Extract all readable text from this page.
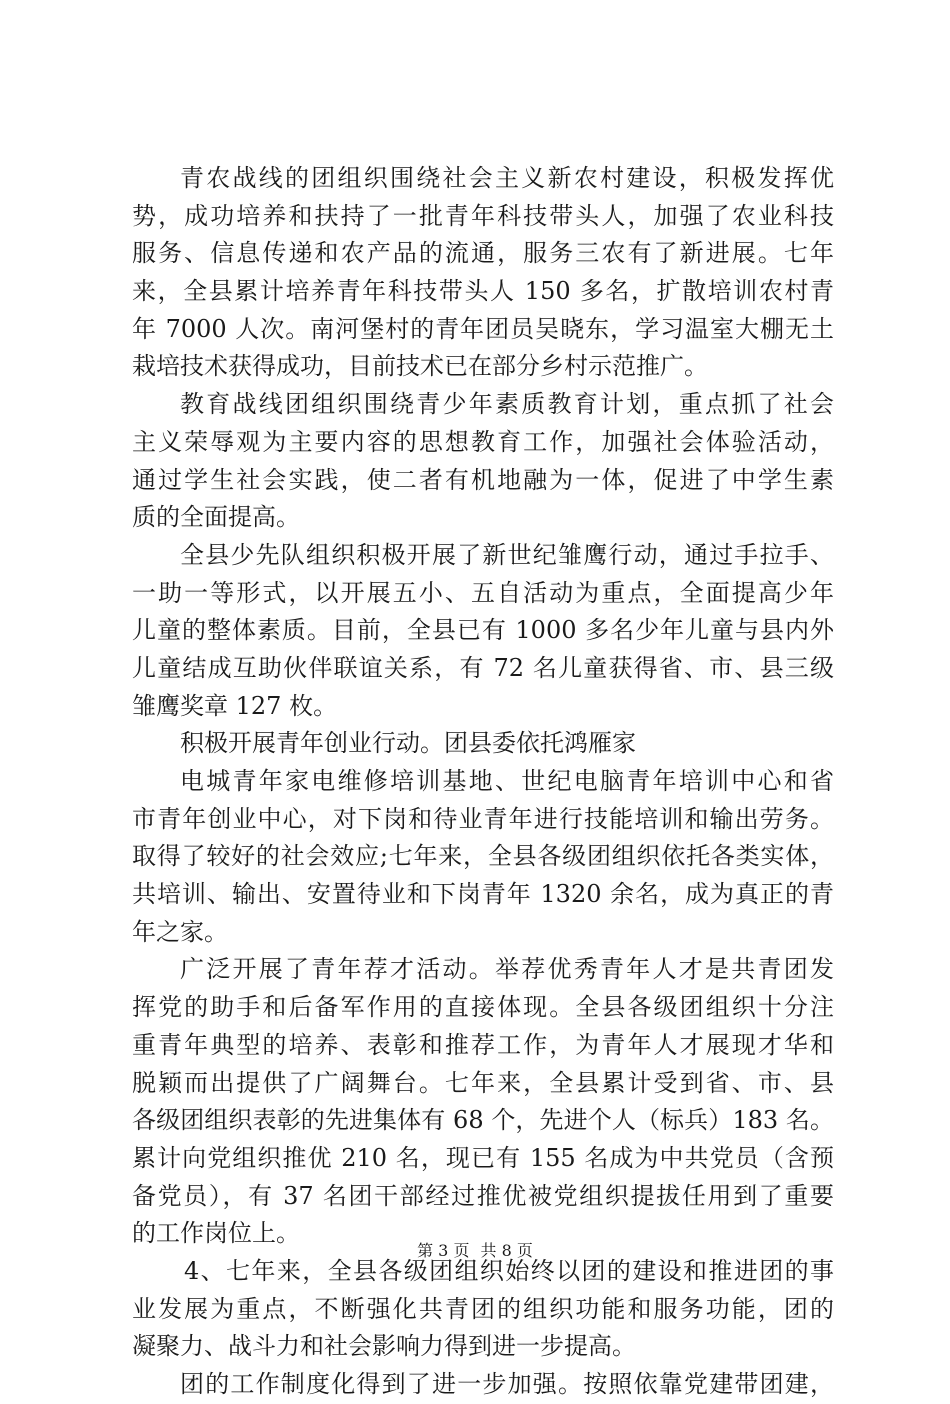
青农战线的团组织围绕社会主义新农村建设，积极发挥优
势，成功培养和扶持了一批青年科技带头人，加强了农业科技
服务、信息传递和农产品的流通，服务三农有了新进展。七年
来，全县累计培养青年科技带头人 150 多名，扩散培训农村青
年 7000 人次。南河堡村的青年团员吴晓东，学习温室大棚无土
栽培技术获得成功，目前技术已在部分乡村示范推广。
教育战线团组织围绕青少年素质教育计划，重点抓了社会
主义荣辱观为主要内容的思想教育工作，加强社会体验活动，
通过学生社会实践，使二者有机地融为一体，促进了中学生素
质的全面提高。
全县少先队组织积极开展了新世纪雏鹰行动，通过手拉手、
一助一等形式，以开展五小、五自活动为重点，全面提高少年
儿童的整体素质。目前，全县已有 1000 多名少年儿童与县内外
儿童结成互助伙伴联谊关系，有 72 名儿童获得省、市、县三级
雏鹰奖章 127 枚。
积极开展青年创业行动。团县委依托鸿雁家
电城青年家电维修培训基地、世纪电脑青年培训中心和省
市青年创业中心，对下岗和待业青年进行技能培训和输出劳务。
取得了较好的社会效应;七年来，全县各级团组织依托各类实体，
共培训、输出、安置待业和下岗青年 1320 余名，成为真正的青
年之家。
广泛开展了青年荐才活动。举荐优秀青年人才是共青团发
挥党的助手和后备军作用的直接体现。全县各级团组织十分注
重青年典型的培养、表彰和推荐工作，为青年人才展现才华和
脱颖而出提供了广阔舞台。七年来，全县累计受到省、市、县
各级团组织表彰的先进集体有 68 个，先进个人（标兵）183 名。
累计向党组织推优 210 名，现已有 155 名成为中共党员（含预
备党员），有 37 名团干部经过推优被党组织提拔任用到了重要
的工作岗位上。
4、七年来，全县各级团组织始终以团的建设和推进团的事
业发展为重点，不断强化共青团的组织功能和服务功能，团的
凝聚力、战斗力和社会影响力得到进一步提高。
团的工作制度化得到了进一步加强。按照依靠党建带团建，
第 3 页 共 8 页
